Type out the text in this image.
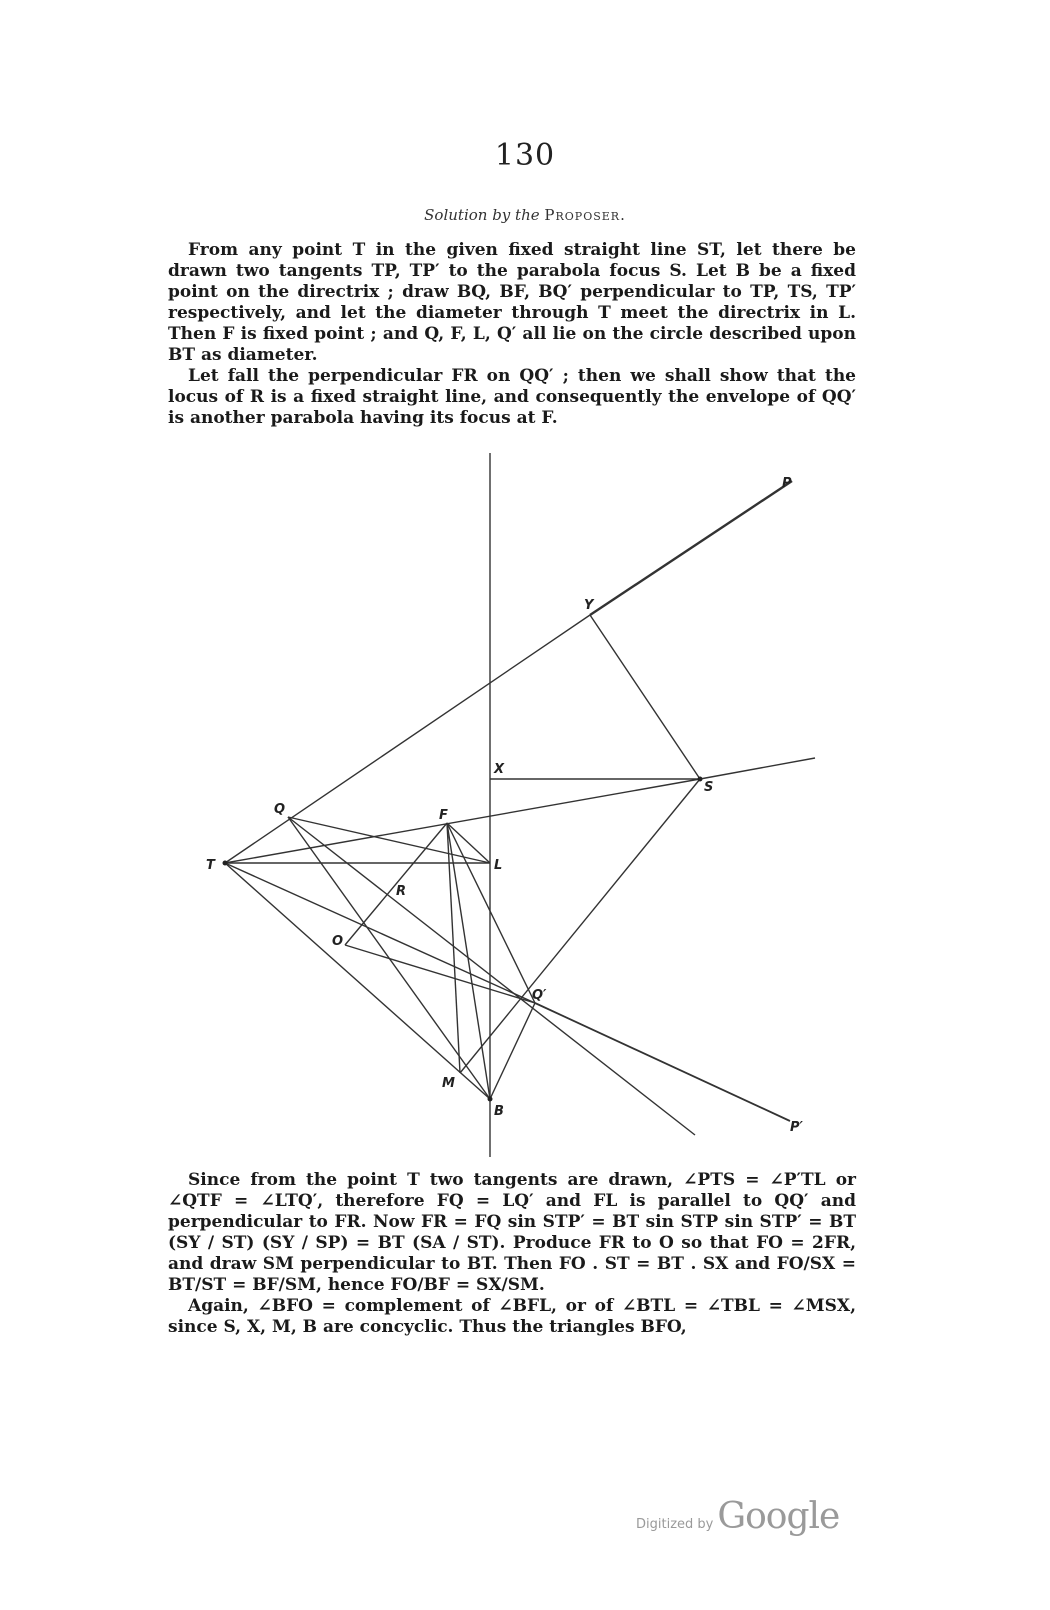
130
Solution by the Proposer.

From any point T in the given fixed straight line ST, let there be drawn two tangents TP, TP′ to the parabola focus S. Let B be a fixed point on the directrix ; draw BQ, BF, BQ′ perpendicular to TP, TS, TP′ respectively, and let the diameter through T meet the directrix in L. Then F is fixed point ; and Q, F, L, Q′ all lie on the circle described upon BT as diameter.

Let fall the perpendicular FR on QQ′ ; then we shall show that the locus of R is a fixed straight line, and consequently the envelope of QQ′ is another parabola having its focus at F.

P
Y
X
S
Q	F
T	L
R
O
Q′
M
B
P′

Since from the point T two tangents are drawn, ∠PTS = ∠P′TL or ∠QTF = ∠LTQ′, therefore FQ = LQ′ and FL is parallel to QQ′ and perpendicular to FR. Now FR = FQ sin STP′ = BT sin STP sin STP′ = BT (SY / ST) (SY / SP) = BT (SA / ST). Produce FR to O so that FO = 2FR, and draw SM perpendicular to BT. Then FO . ST = BT . SX and FO/SX = BT/ST = BF/SM, hence FO/BF = SX/SM.

Again, ∠BFO = complement of ∠BFL, or of ∠BTL = ∠TBL = ∠MSX, since S, X, M, B are concyclic. Thus the triangles BFO,

Digitized by Google
